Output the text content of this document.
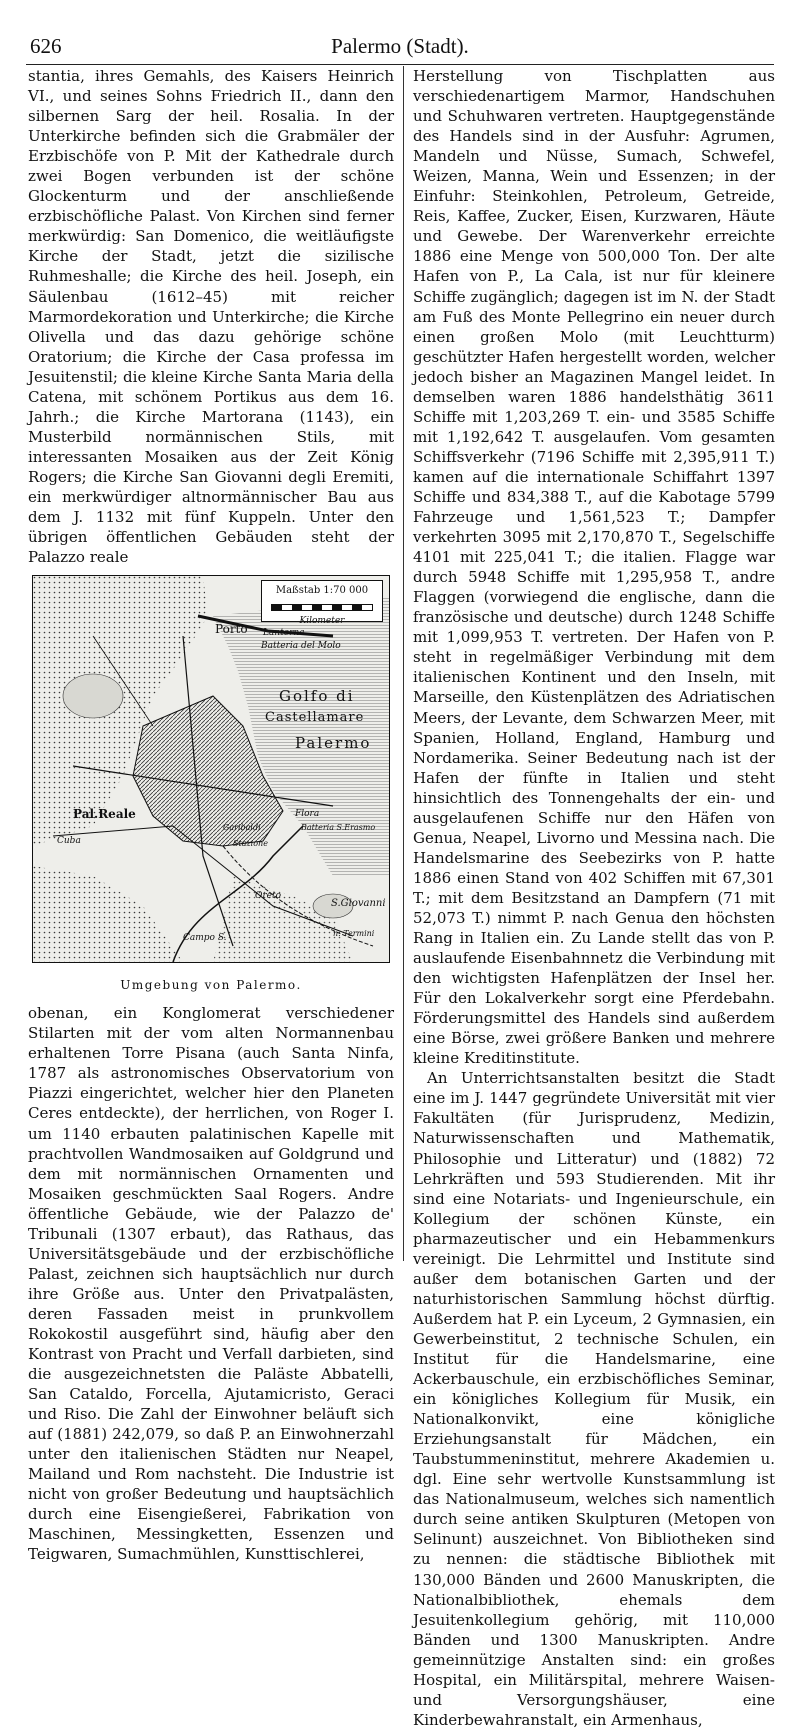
626	Palermo (Stadt).

stantia, ihres Gemahls, des Kaisers Heinrich VI., und seines Sohns Friedrich II., dann den silbernen Sarg der heil. Rosalia. In der Unterkirche befinden sich die Grabmäler der Erzbischöfe von P. Mit der Kathedrale durch zwei Bogen verbunden ist der schöne Glockenturm und der anschließende erzbischöfliche Palast. Von Kirchen sind ferner merkwürdig: San Domenico, die weitläufigste Kirche der Stadt, jetzt die sizilische Ruhmeshalle; die Kirche des heil. Joseph, ein Säulenbau (1612–45) mit reicher Marmordekoration und Unterkirche; die Kirche Olivella und das dazu gehörige schöne Oratorium; die Kirche der Casa professa im Jesuitenstil; die kleine Kirche Santa Maria della Catena, mit schönem Portikus aus dem 16. Jahrh.; die Kirche Martorana (1143), ein Musterbild normännischen Stils, mit interessanten Mosaiken aus der Zeit König Rogers; die Kirche San Giovanni degli Eremiti, ein merkwürdiger altnormännischer Bau aus dem J. 1132 mit fünf Kuppeln. Unter den übrigen öffentlichen Gebäuden steht der Palazzo reale

Maßstab 1:70 000
Kilometer
Porto Lanterna
Batteria del Molo
Golfo di
Castellamare
Palermo
Flora
Batteria S.Erasmo
Pal.Reale
Cuba
Garibaldi
Stazione
Oreto
S.Giovanni
n. Termini
Campo S.
Umgebung von Palermo.

obenan, ein Konglomerat verschiedener Stilarten mit der vom alten Normannenbau erhaltenen Torre Pisana (auch Santa Ninfa, 1787 als astronomisches Observatorium von Piazzi eingerichtet, welcher hier den Planeten Ceres entdeckte), der herrlichen, von Roger I. um 1140 erbauten palatinischen Kapelle mit prachtvollen Wandmosaiken auf Goldgrund und dem mit normännischen Ornamenten und Mosaiken geschmückten Saal Rogers. Andre öffentliche Gebäude, wie der Palazzo de' Tribunali (1307 erbaut), das Rathaus, das Universitätsgebäude und der erzbischöfliche Palast, zeichnen sich hauptsächlich nur durch ihre Größe aus. Unter den Privatpalästen, deren Fassaden meist in prunkvollem Rokokostil ausgeführt sind, häufig aber den Kontrast von Pracht und Verfall darbieten, sind die ausgezeichnetsten die Paläste Abbatelli, San Cataldo, Forcella, Ajutamicristo, Geraci und Riso. Die Zahl der Einwohner beläuft sich auf (1881) 242,079, so daß P. an Einwohnerzahl unter den italienischen Städten nur Neapel, Mailand und Rom nachsteht. Die Industrie ist nicht von großer Bedeutung und hauptsächlich durch eine Eisengießerei, Fabrikation von Maschinen, Messingketten, Essenzen und Teigwaren, Sumachmühlen, Kunsttischlerei,

Herstellung von Tischplatten aus verschiedenartigem Marmor, Handschuhen und Schuhwaren vertreten. Hauptgegenstände des Handels sind in der Ausfuhr: Agrumen, Mandeln und Nüsse, Sumach, Schwefel, Weizen, Manna, Wein und Essenzen; in der Einfuhr: Steinkohlen, Petroleum, Getreide, Reis, Kaffee, Zucker, Eisen, Kurzwaren, Häute und Gewebe. Der Warenverkehr erreichte 1886 eine Menge von 500,000 Ton. Der alte Hafen von P., La Cala, ist nur für kleinere Schiffe zugänglich; dagegen ist im N. der Stadt am Fuß des Monte Pellegrino ein neuer durch einen großen Molo (mit Leuchtturm) geschützter Hafen hergestellt worden, welcher jedoch bisher an Magazinen Mangel leidet. In demselben waren 1886 handelsthätig 3611 Schiffe mit 1,203,269 T. ein- und 3585 Schiffe mit 1,192,642 T. ausgelaufen. Vom gesamten Schiffsverkehr (7196 Schiffe mit 2,395,911 T.) kamen auf die internationale Schiffahrt 1397 Schiffe und 834,388 T., auf die Kabotage 5799 Fahrzeuge und 1,561,523 T.; Dampfer verkehrten 3095 mit 2,170,870 T., Segelschiffe 4101 mit 225,041 T.; die italien. Flagge war durch 5948 Schiffe mit 1,295,958 T., andre Flaggen (vorwiegend die englische, dann die französische und deutsche) durch 1248 Schiffe mit 1,099,953 T. vertreten. Der Hafen von P. steht in regelmäßiger Verbindung mit dem italienischen Kontinent und den Inseln, mit Marseille, den Küstenplätzen des Adriatischen Meers, der Levante, dem Schwarzen Meer, mit Spanien, Holland, England, Hamburg und Nordamerika. Seiner Bedeutung nach ist der Hafen der fünfte in Italien und steht hinsichtlich des Tonnengehalts der ein- und ausgelaufenen Schiffe nur den Häfen von Genua, Neapel, Livorno und Messina nach. Die Handelsmarine des Seebezirks von P. hatte 1886 einen Stand von 402 Schiffen mit 67,301 T.; mit dem Besitzstand an Dampfern (71 mit 52,073 T.) nimmt P. nach Genua den höchsten Rang in Italien ein. Zu Lande stellt das von P. auslaufende Eisenbahnnetz die Verbindung mit den wichtigsten Hafenplätzen der Insel her. Für den Lokalverkehr sorgt eine Pferdebahn. Förderungsmittel des Handels sind außerdem eine Börse, zwei größere Banken und mehrere kleine Kreditinstitute.

An Unterrichtsanstalten besitzt die Stadt eine im J. 1447 gegründete Universität mit vier Fakultäten (für Jurisprudenz, Medizin, Naturwissenschaften und Mathematik, Philosophie und Litteratur) und (1882) 72 Lehrkräften und 593 Studierenden. Mit ihr sind eine Notariats- und Ingenieurschule, ein Kollegium der schönen Künste, ein pharmazeutischer und ein Hebammenkurs vereinigt. Die Lehrmittel und Institute sind außer dem botanischen Garten und der naturhistorischen Sammlung höchst dürftig. Außerdem hat P. ein Lyceum, 2 Gymnasien, ein Gewerbeinstitut, 2 technische Schulen, ein Institut für die Handelsmarine, eine Ackerbauschule, ein erzbischöfliches Seminar, ein königliches Kollegium für Musik, ein Nationalkonvikt, eine königliche Erziehungsanstalt für Mädchen, ein Taubstummeninstitut, mehrere Akademien u. dgl. Eine sehr wertvolle Kunstsammlung ist das Nationalmuseum, welches sich namentlich durch seine antiken Skulpturen (Metopen von Selinunt) auszeichnet. Von Bibliotheken sind zu nennen: die städtische Bibliothek mit 130,000 Bänden und 2600 Manuskripten, die Nationalbibliothek, ehemals dem Jesuitenkollegium gehörig, mit 110,000 Bänden und 1300 Manuskripten. Andre gemeinnützige Anstalten sind: ein großes Hospital, ein Militärspital, mehrere Waisen- und Versorgungshäuser, eine Kinderbewahranstalt, ein Armenhaus,
